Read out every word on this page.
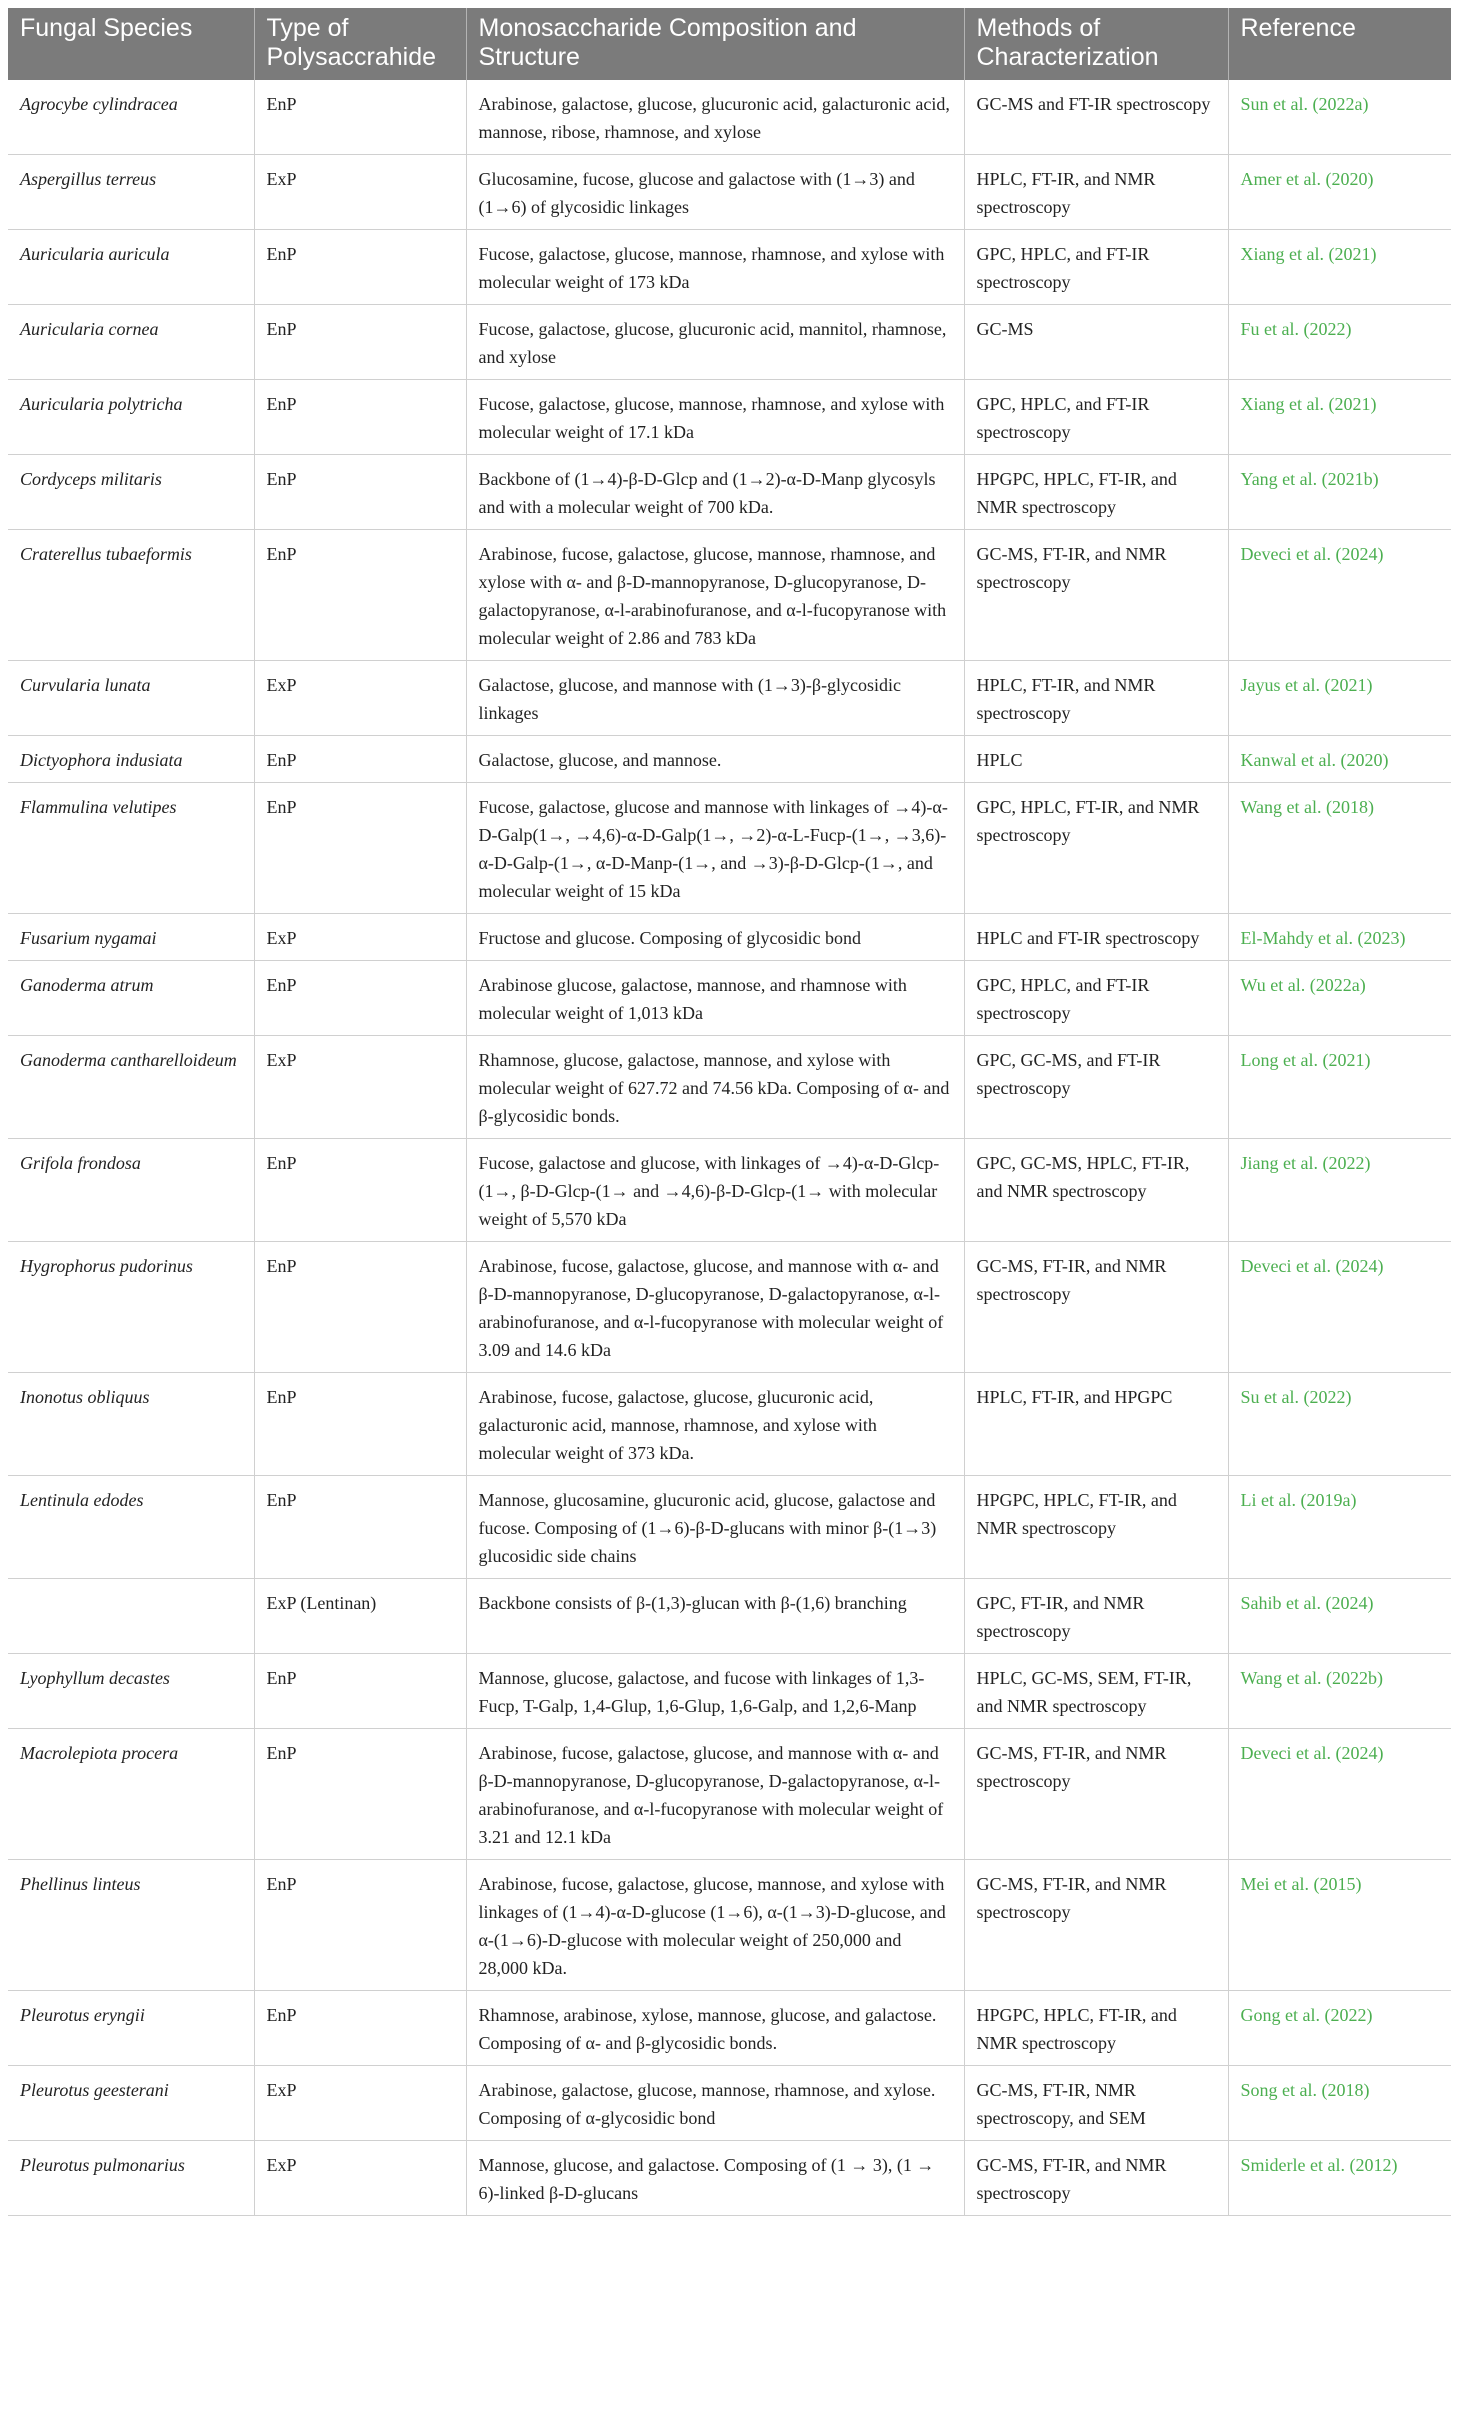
Fungal Species	Type of Polysaccrahide	Monosaccharide Composition and Structure	Methods of Characterization	Reference
Agrocybe cylindracea	EnP	Arabinose, galactose, glucose, glucuronic acid, galacturonic acid, mannose, ribose, rhamnose, and xylose	GC-MS and FT-IR spectroscopy	Sun et al. (2022a)
Aspergillus terreus	ExP	Glucosamine, fucose, glucose and galactose with (1→3) and (1→6) of glycosidic linkages	HPLC, FT-IR, and NMR spectroscopy	Amer et al. (2020)
Auricularia auricula	EnP	Fucose, galactose, glucose, mannose, rhamnose, and xylose with molecular weight of 173 kDa	GPC, HPLC, and FT-IR spectroscopy	Xiang et al. (2021)
Auricularia cornea	EnP	Fucose, galactose, glucose, glucuronic acid, mannitol, rhamnose, and xylose	GC-MS	Fu et al. (2022)
Auricularia polytricha	EnP	Fucose, galactose, glucose, mannose, rhamnose, and xylose with molecular weight of 17.1 kDa	GPC, HPLC, and FT-IR spectroscopy	Xiang et al. (2021)
Cordyceps militaris	EnP	Backbone of (1→4)-β-D-Glcp and (1→2)-α-D-Manp glycosyls and with a molecular weight of 700 kDa.	HPGPC, HPLC, FT-IR, and NMR spectroscopy	Yang et al. (2021b)
Craterellus tubaeformis	EnP	Arabinose, fucose, galactose, glucose, mannose, rhamnose, and xylose with α- and β-D-mannopyranose, D-glucopyranose, D-galactopyranose, α-l-arabinofuranose, and α-l-fucopyranose with molecular weight of 2.86 and 783 kDa	GC-MS, FT-IR, and NMR spectroscopy	Deveci et al. (2024)
Curvularia lunata	ExP	Galactose, glucose, and mannose with (1→3)-β-glycosidic linkages	HPLC, FT-IR, and NMR spectroscopy	Jayus et al. (2021)
Dictyophora indusiata	EnP	Galactose, glucose, and mannose.	HPLC	Kanwal et al. (2020)
Flammulina velutipes	EnP	Fucose, galactose, glucose and mannose with linkages of →4)-α-D-Galp(1→, →4,6)-α-D-Galp(1→, →2)-α-L-Fucp-(1→, →3,6)-α-D-Galp-(1→, α-D-Manp-(1→, and →3)-β-D-Glcp-(1→, and molecular weight of 15 kDa	GPC, HPLC, FT-IR, and NMR spectroscopy	Wang et al. (2018)
Fusarium nygamai	ExP	Fructose and glucose. Composing of glycosidic bond	HPLC and FT-IR spectroscopy	El-Mahdy et al. (2023)
Ganoderma atrum	EnP	Arabinose glucose, galactose, mannose, and rhamnose with molecular weight of 1,013 kDa	GPC, HPLC, and FT-IR spectroscopy	Wu et al. (2022a)
Ganoderma cantharelloideum	ExP	Rhamnose, glucose, galactose, mannose, and xylose with molecular weight of 627.72 and 74.56 kDa. Composing of α- and β-glycosidic bonds.	GPC, GC-MS, and FT-IR spectroscopy	Long et al. (2021)
Grifola frondosa	EnP	Fucose, galactose and glucose, with linkages of →4)-α-D-Glcp-(1→, β-D-Glcp-(1→ and →4,6)-β-D-Glcp-(1→ with molecular weight of 5,570 kDa	GPC, GC-MS, HPLC, FT-IR, and NMR spectroscopy	Jiang et al. (2022)
Hygrophorus pudorinus	EnP	Arabinose, fucose, galactose, glucose, and mannose with α- and β-D-mannopyranose, D-glucopyranose, D-galactopyranose, α-l-arabinofuranose, and α-l-fucopyranose with molecular weight of 3.09 and 14.6 kDa	GC-MS, FT-IR, and NMR spectroscopy	Deveci et al. (2024)
Inonotus obliquus	EnP	Arabinose, fucose, galactose, glucose, glucuronic acid, galacturonic acid, mannose, rhamnose, and xylose with molecular weight of 373 kDa.	HPLC, FT-IR, and HPGPC	Su et al. (2022)
Lentinula edodes	EnP	Mannose, glucosamine, glucuronic acid, glucose, galactose and fucose. Composing of (1→6)-β-D-glucans with minor β-(1→3) glucosidic side chains	HPGPC, HPLC, FT-IR, and NMR spectroscopy	Li et al. (2019a)
	ExP (Lentinan)	Backbone consists of β-(1,3)-glucan with β-(1,6) branching	GPC, FT-IR, and NMR spectroscopy	Sahib et al. (2024)
Lyophyllum decastes	EnP	Mannose, glucose, galactose, and fucose with linkages of 1,3-Fucp, T-Galp, 1,4-Glup, 1,6-Glup, 1,6-Galp, and 1,2,6-Manp	HPLC, GC-MS, SEM, FT-IR, and NMR spectroscopy	Wang et al. (2022b)
Macrolepiota procera	EnP	Arabinose, fucose, galactose, glucose, and mannose with α- and β-D-mannopyranose, D-glucopyranose, D-galactopyranose, α-l-arabinofuranose, and α-l-fucopyranose with molecular weight of 3.21 and 12.1 kDa	GC-MS, FT-IR, and NMR spectroscopy	Deveci et al. (2024)
Phellinus linteus	EnP	Arabinose, fucose, galactose, glucose, mannose, and xylose with linkages of (1→4)-α-D-glucose (1→6), α-(1→3)-D-glucose, and α-(1→6)-D-glucose with molecular weight of 250,000 and 28,000 kDa.	GC-MS, FT-IR, and NMR spectroscopy	Mei et al. (2015)
Pleurotus eryngii	EnP	Rhamnose, arabinose, xylose, mannose, glucose, and galactose. Composing of α- and β-glycosidic bonds.	HPGPC, HPLC, FT-IR, and NMR spectroscopy	Gong et al. (2022)
Pleurotus geesterani	ExP	Arabinose, galactose, glucose, mannose, rhamnose, and xylose. Composing of α-glycosidic bond	GC-MS, FT-IR, NMR spectroscopy, and SEM	Song et al. (2018)
Pleurotus pulmonarius	ExP	Mannose, glucose, and galactose. Composing of (1 → 3), (1 → 6)-linked β-D-glucans	GC-MS, FT-IR, and NMR spectroscopy	Smiderle et al. (2012)
